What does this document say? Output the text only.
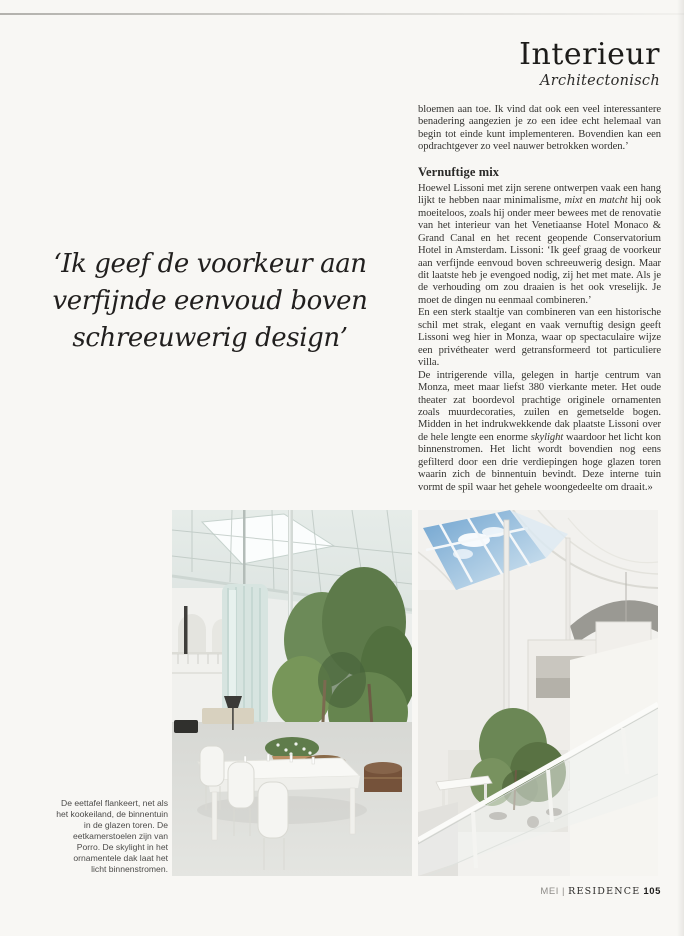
Interieur
Architectonisch
‘Ik geef de voorkeur aan
verfijnde eenvoud boven
schreeuwerig design’

bloemen aan toe. Ik vind dat ook een veel interessantere benadering aangezien je zo een idee echt helemaal van begin tot einde kunt implementeren. Bovendien kan een opdrachtgever zo veel nauwer betrokken worden.’

Vernuftige mix

Hoewel Lissoni met zijn serene ontwerpen vaak een hang lijkt te hebben naar minimalisme, mixt en matcht hij ook moeiteloos, zoals hij onder meer bewees met de renovatie van het interieur van het Venetiaanse Hotel Monaco & Grand Canal en het recent geopende Conservatorium Hotel in Amsterdam. Lissoni: ‘Ik geef graag de voorkeur aan verfijnde eenvoud boven schreeuwerig design. Maar dit laatste heb je evengoed nodig, zij het met mate. Als je de verhouding om zou draaien is het ook vreselijk. Je moet de dingen nu eenmaal combineren.’

En een sterk staaltje van combineren van een historische schil met strak, elegant en vaak vernuftig design geeft Lissoni weg hier in Monza, waar op spectaculaire wijze een privétheater werd getransformeerd tot particuliere villa.

De intrigerende villa, gelegen in hartje centrum van Monza, meet maar liefst 380 vierkante meter. Het oude theater zat boordevol prachtige originele ornamenten zoals muurdecoraties, zuilen en gemetselde bogen. Midden in het indrukwekkende dak plaatste Lissoni over de hele lengte een enorme skylight waardoor het licht kon binnenstromen. Het licht wordt bovendien nog eens gefilterd door een drie verdiepingen hoge glazen toren waarin zich de binnentuin bevindt. Deze interne tuin vormt de spil waar het gehele woongedeelte om draait.»

De eettafel flankeert, net als het kookeiland, de binnentuin in de glazen toren. De eetkamerstoelen zijn van Porro. De skylight in het ornamentele dak laat het licht binnenstromen.
MEI | RESIDENCE 105
